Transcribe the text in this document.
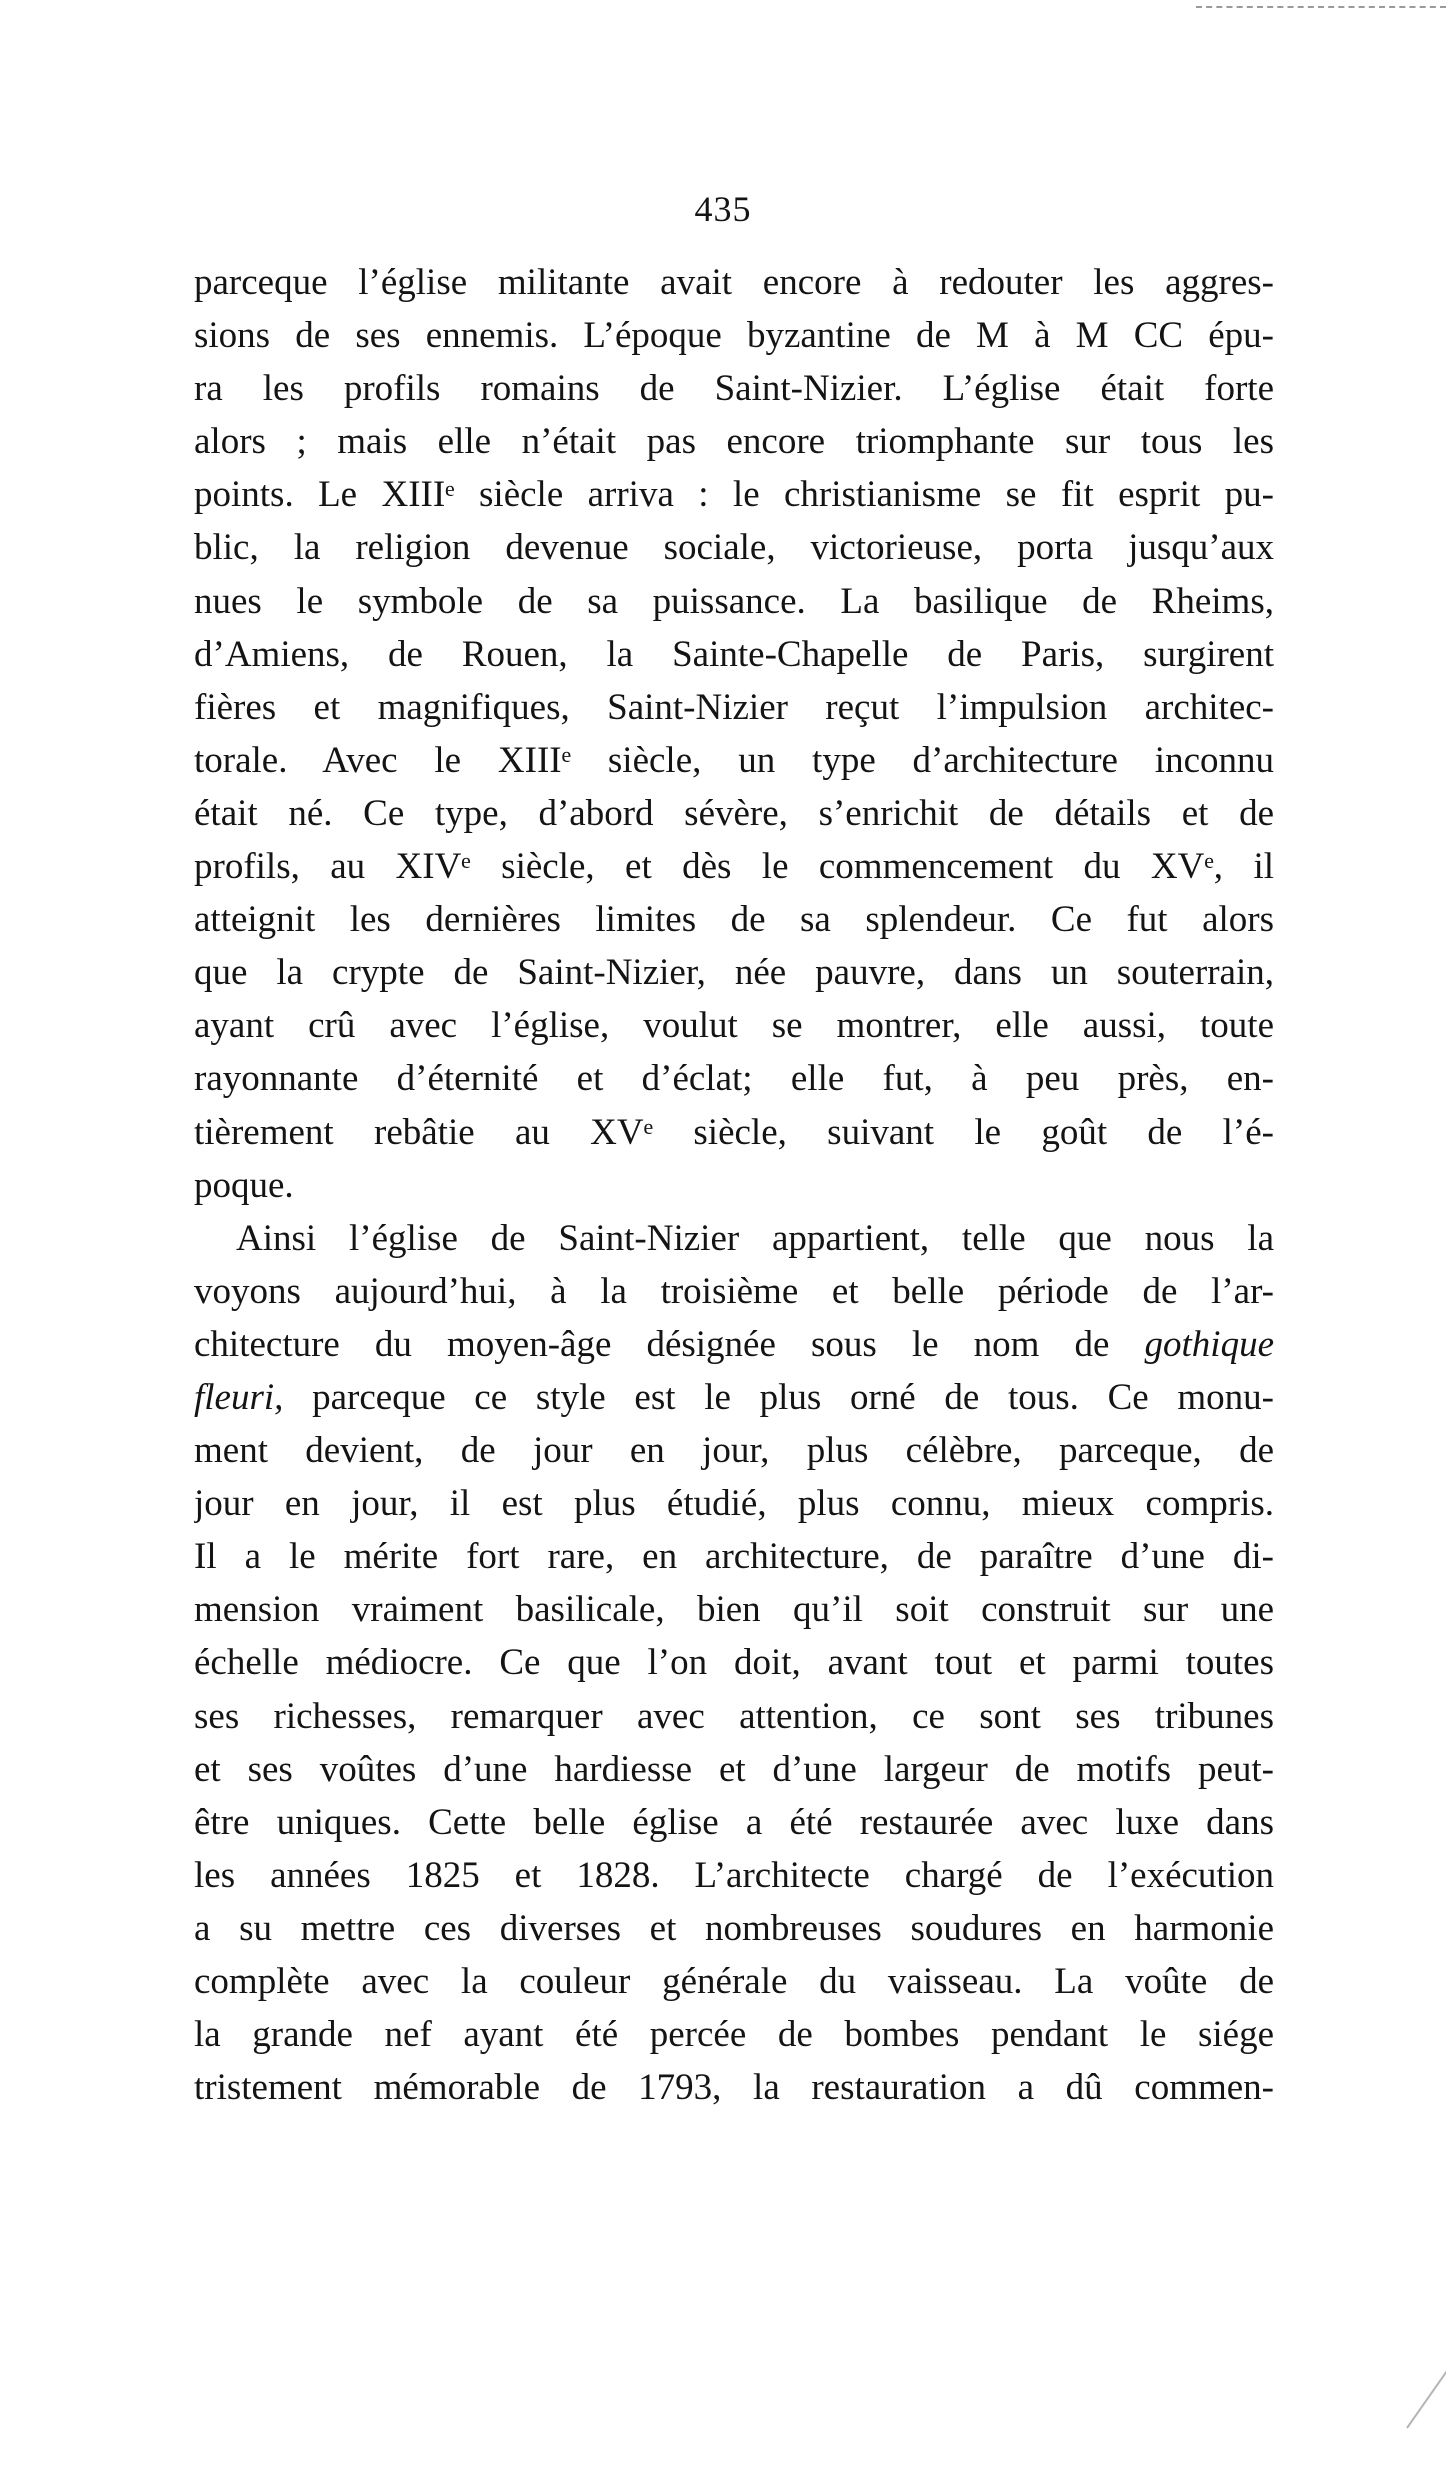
435
parceque l’église militante avait encore à redouter les aggres-
sions de ses ennemis. L’époque byzantine de M à M CC épu-
ra les profils romains de Saint-Nizier. L’église était forte
alors ; mais elle n’était pas encore triomphante sur tous les
points. Le XIIIᵉ siècle arriva : le christianisme se fit esprit pu-
blic, la religion devenue sociale, victorieuse, porta jusqu’aux
nues le symbole de sa puissance. La basilique de Rheims,
d’Amiens, de Rouen, la Sainte-Chapelle de Paris, surgirent
fières et magnifiques, Saint-Nizier reçut l’impulsion architec-
torale. Avec le XIIIᵉ siècle, un type d’architecture inconnu
était né. Ce type, d’abord sévère, s’enrichit de détails et de
profils, au XIVᵉ siècle, et dès le commencement du XVᵉ, il
atteignit les dernières limites de sa splendeur. Ce fut alors
que la crypte de Saint-Nizier, née pauvre, dans un souterrain,
ayant crû avec l’église, voulut se montrer, elle aussi, toute
rayonnante d’éternité et d’éclat; elle fut, à peu près, en-
tièrement rebâtie au XVᵉ siècle, suivant le goût de l’é-
poque.
Ainsi l’église de Saint-Nizier appartient, telle que nous la
voyons aujourd’hui, à la troisième et belle période de l’ar-
chitecture du moyen-âge désignée sous le nom de gothique
fleuri, parceque ce style est le plus orné de tous. Ce monu-
ment devient, de jour en jour, plus célèbre, parceque, de
jour en jour, il est plus étudié, plus connu, mieux compris.
Il a le mérite fort rare, en architecture, de paraître d’une di-
mension vraiment basilicale, bien qu’il soit construit sur une
échelle médiocre. Ce que l’on doit, avant tout et parmi toutes
ses richesses, remarquer avec attention, ce sont ses tribunes
et ses voûtes d’une hardiesse et d’une largeur de motifs peut-
être uniques. Cette belle église a été restaurée avec luxe dans
les années 1825 et 1828. L’architecte chargé de l’exécution
a su mettre ces diverses et nombreuses soudures en harmonie
complète avec la couleur générale du vaisseau. La voûte de
la grande nef ayant été percée de bombes pendant le siége
tristement mémorable de 1793, la restauration a dû commen-
